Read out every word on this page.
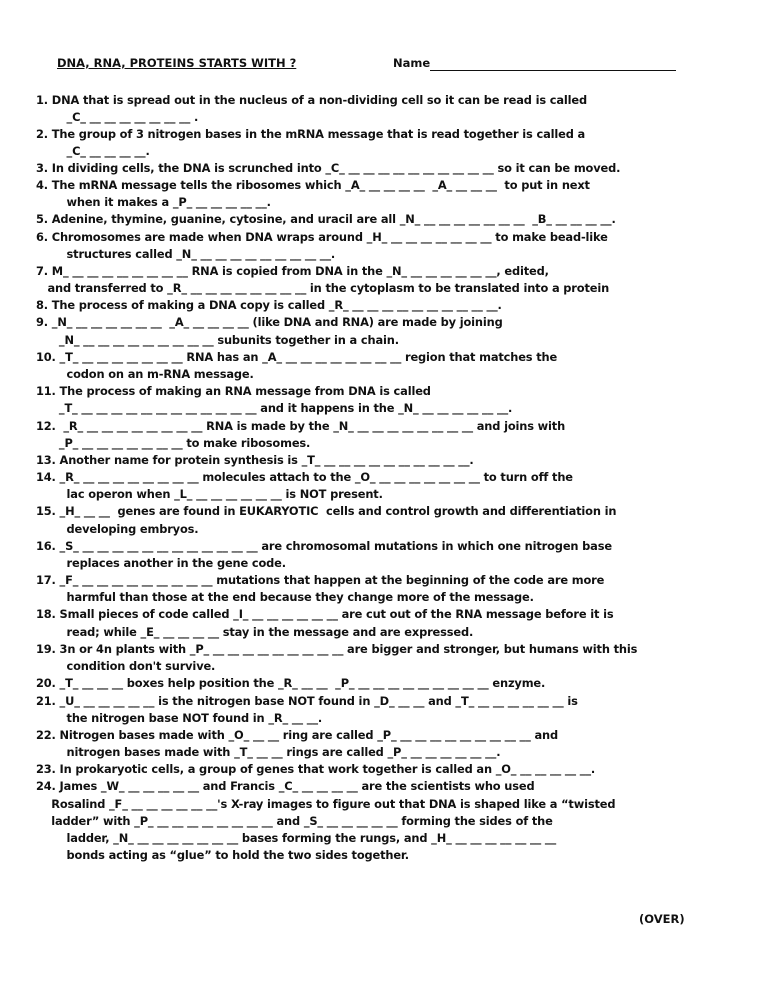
DNA, RNA, PROTEINS STARTS WITH ?	Name
1. DNA that is spread out in the nucleus of a non-dividing cell so it can be read is called
_C_ __ __ __ __ __ __ __ .
2. The group of 3 nitrogen bases in the mRNA message that is read together is called a
_C_ __ __ __ __.
3. In dividing cells, the DNA is scrunched into _C_ __ __ __ __ __ __ __ __ __ __ so it can be moved.
4. The mRNA message tells the ribosomes which _A_ __ __ __ __  _A_ __ __ __  to put in next
when it makes a _P_ __ __ __ __ __.
5. Adenine, thymine, guanine, cytosine, and uracil are all _N_ __ __ __ __ __ __ __  _B_ __ __ __ __.
6. Chromosomes are made when DNA wraps around _H_ __ __ __ __ __ __ __ to make bead-like
structures called _N_ __ __ __ __ __ __ __ __ __.
7. M_ __ __ __ __ __ __ __ __ RNA is copied from DNA in the _N_ __ __ __ __ __ __, edited,
and transferred to _R_ __ __ __ __ __ __ __ __ in the cytoplasm to be translated into a protein
8. The process of making a DNA copy is called _R_ __ __ __ __ __ __ __ __ __ __.
9. _N_ __ __ __ __ __ __  _A_ __ __ __ __ (like DNA and RNA) are made by joining
_N_ __ __ __ __ __ __ __ __ __ subunits together in a chain.
10. _T_ __ __ __ __ __ __ __ RNA has an _A_ __ __ __ __ __ __ __ __ region that matches the
codon on an m-RNA message.
11. The process of making an RNA message from DNA is called
_T_ __ __ __ __ __ __ __ __ __ __ __ __ and it happens in the _N_ __ __ __ __ __ __.
12.  _R_ __ __ __ __ __ __ __ __ RNA is made by the _N_ __ __ __ __ __ __ __ __ and joins with
_P_ __ __ __ __ __ __ __ to make ribosomes.
13. Another name for protein synthesis is _T_ __ __ __ __ __ __ __ __ __ __.
14. _R_ __ __ __ __ __ __ __ __ molecules attach to the _O_ __ __ __ __ __ __ __ to turn off the
lac operon when _L_ __ __ __ __ __ __ is NOT present.
15. _H_ __ __  genes are found in EUKARYOTIC  cells and control growth and differentiation in
developing embryos.
16. _S_ __ __ __ __ __ __ __ __ __ __ __ __ are chromosomal mutations in which one nitrogen base
replaces another in the gene code.
17. _F_ __ __ __ __ __ __ __ __ __ mutations that happen at the beginning of the code are more
harmful than those at the end because they change more of the message.
18. Small pieces of code called _I_ __ __ __ __ __ __ are cut out of the RNA message before it is
read; while _E_ __ __ __ __ stay in the message and are expressed.
19. 3n or 4n plants with _P_ __ __ __ __ __ __ __ __ __ are bigger and stronger, but humans with this
condition don't survive.
20. _T_ __ __ __ boxes help position the _R_ __ __  _P_ __ __ __ __ __ __ __ __ __ enzyme.
21. _U_ __ __ __ __ __ is the nitrogen base NOT found in _D_ __ __ and _T_ __ __ __ __ __ __ is
the nitrogen base NOT found in _R_ __ __.
22. Nitrogen bases made with _O_ __ __ ring are called _P_ __ __ __ __ __ __ __ __ __ and
nitrogen bases made with _T_ __ __ rings are called _P_ __ __ __ __ __ __.
23. In prokaryotic cells, a group of genes that work together is called an _O_ __ __ __ __ __.
24. James _W_ __ __ __ __ __ and Francis _C_ __ __ __ __ are the scientists who used
Rosalind _F_ __ __ __ __ __ __'s X-ray images to figure out that DNA is shaped like a “twisted
ladder” with _P_ __ __ __ __ __ __ __ __ and _S_ __ __ __ __ __ forming the sides of the
ladder, _N_ __ __ __ __ __ __ __ bases forming the rungs, and _H_ __ __ __ __ __ __ __
bonds acting as “glue” to hold the two sides together.
(OVER)
